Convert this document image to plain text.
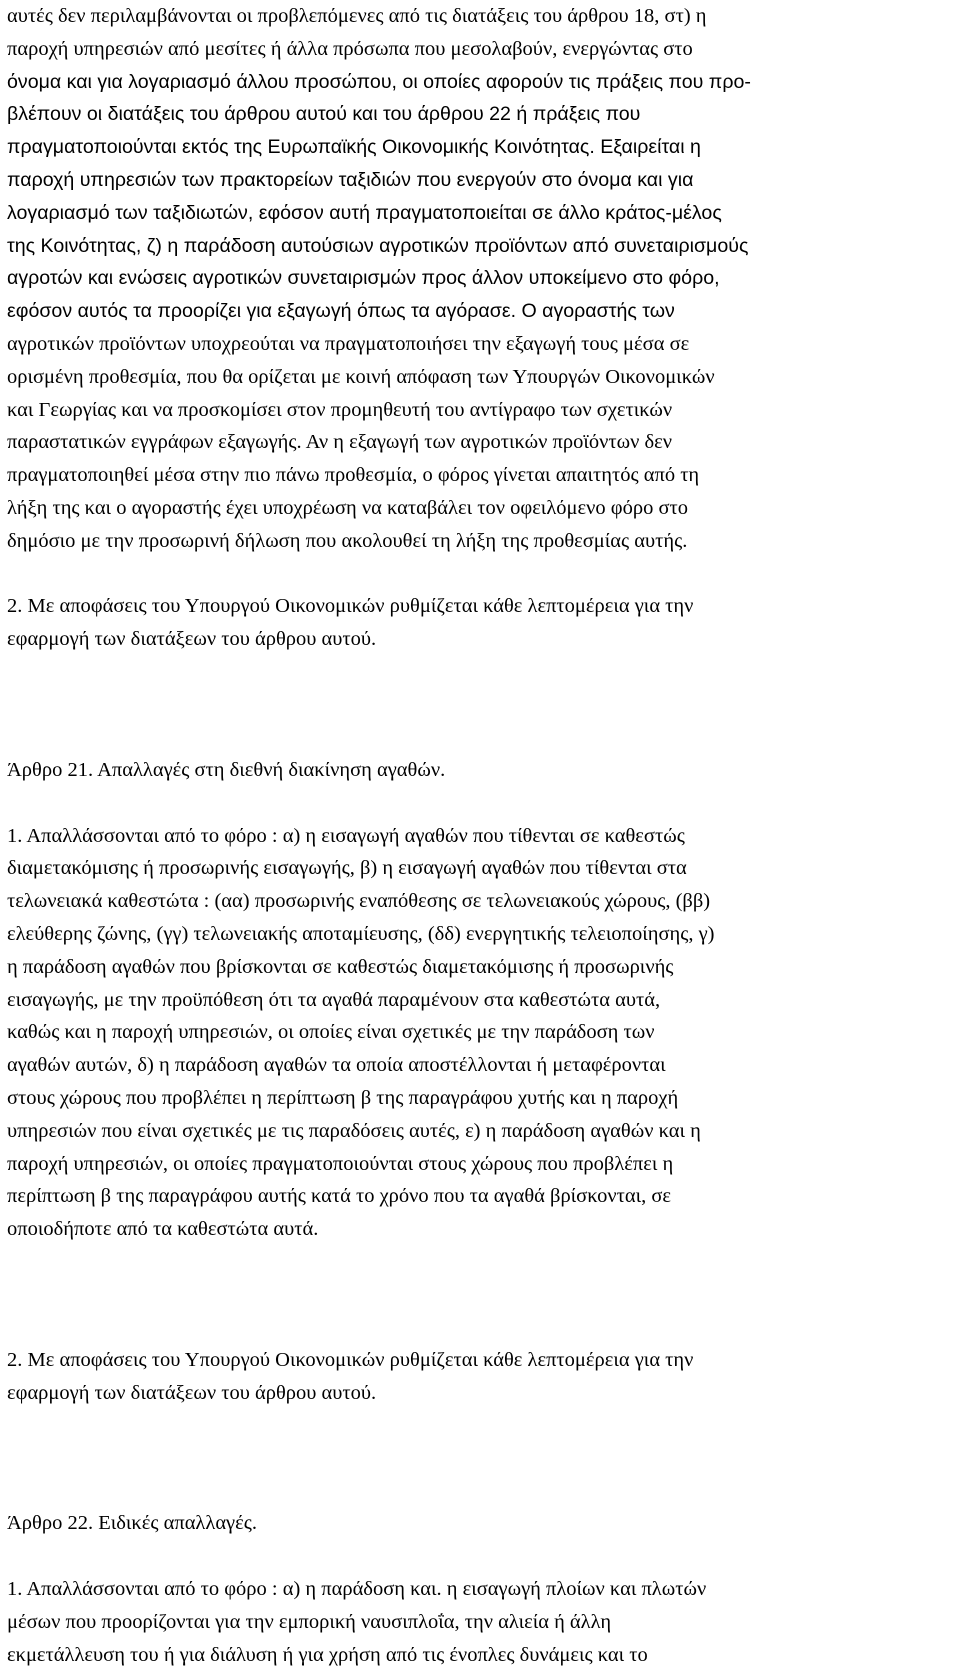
αυτές δεν περιλαμβάνονται οι προβλεπόμενες από τις διατάξεις του άρθρου 18, στ) η
παροχή υπηρεσιών από μεσίτες ή άλλα πρόσωπα που μεσολαβούν, ενεργώντας στο
όνομα και για λογαριασμό άλλου προσώπου, οι οποίες αφορούν τις πράξεις που προ-
βλέπουν οι διατάξεις του άρθρου αυτού και του άρθρου 22 ή πράξεις που
πραγματοποιούνται εκτός της Ευρωπαϊκής Οικονομικής Κοινότητας. Εξαιρείται η
παροχή υπηρεσιών των πρακτορείων ταξιδιών που ενεργούν στο όνομα και για
λογαριασμό των ταξιδιωτών, εφόσον αυτή πραγματοποιείται σε άλλο κράτος-μέλος
της Κοινότητας, ζ) η παράδοση αυτούσιων αγροτικών προϊόντων από συνεταιρισμούς
αγροτών και ενώσεις αγροτικών συνεταιρισμών προς άλλον υποκείμενο στο φόρο,
εφόσον αυτός τα προορίζει για εξαγωγή όπως τα αγόρασε. Ο αγοραστής των
αγροτικών προϊόντων υποχρεούται να πραγματοποιήσει την εξαγωγή τους μέσα σε
ορισμένη προθεσμία, που θα ορίζεται με κοινή απόφαση των Υπουργών Οικονομικών
και Γεωργίας και να προσκομίσει στον προμηθευτή του αντίγραφο των σχετικών
παραστατικών εγγράφων εξαγωγής. Αν η εξαγωγή των αγροτικών προϊόντων δεν
πραγματοποιηθεί μέσα στην πιο πάνω προθεσμία, ο φόρος γίνεται απαιτητός από τη
λήξη της και ο αγοραστής έχει υποχρέωση να καταβάλει τον οφειλόμενο φόρο στο
δημόσιο με την προσωρινή δήλωση που ακολουθεί τη λήξη της προθεσμίας αυτής.
2. Με αποφάσεις του Υπουργού Οικονομικών ρυθμίζεται κάθε λεπτομέρεια για την
εφαρμογή των διατάξεων του άρθρου αυτού.
Άρθρο 21. Απαλλαγές στη διεθνή διακίνηση αγαθών.
1. Απαλλάσσονται από το φόρο : α) η εισαγωγή αγαθών που τίθενται σε καθεστώς
διαμετακόμισης ή προσωρινής εισαγωγής, β) η εισαγωγή αγαθών που τίθενται στα
τελωνειακά καθεστώτα : (αα) προσωρινής εναπόθεσης σε τελωνειακούς χώρους, (ββ)
ελεύθερης ζώνης, (γγ) τελωνειακής αποταμίευσης, (δδ) ενεργητικής τελειοποίησης, γ)
η παράδοση αγαθών που βρίσκονται σε καθεστώς διαμετακόμισης ή προσωρινής
εισαγωγής, με την προϋπόθεση ότι τα αγαθά παραμένουν στα καθεστώτα αυτά,
καθώς και η παροχή υπηρεσιών, οι οποίες είναι σχετικές με την παράδοση των
αγαθών αυτών, δ) η παράδοση αγαθών τα οποία αποστέλλονται ή μεταφέρονται
στους χώρους που προβλέπει η περίπτωση β της παραγράφου χυτής και η παροχή
υπηρεσιών που είναι σχετικές με τις παραδόσεις αυτές, ε) η παράδοση αγαθών και η
παροχή υπηρεσιών, οι οποίες πραγματοποιούνται στους χώρους που προβλέπει η
περίπτωση β της παραγράφου αυτής κατά το χρόνο που τα αγαθά βρίσκονται, σε
οποιοδήποτε από τα καθεστώτα αυτά.
2. Με αποφάσεις του Υπουργού Οικονομικών ρυθμίζεται κάθε λεπτομέρεια για την
εφαρμογή των διατάξεων του άρθρου αυτού.
Άρθρο 22. Ειδικές απαλλαγές.
1. Απαλλάσσονται από το φόρο : α) η παράδοση και. η εισαγωγή πλοίων και πλωτών
μέσων που προορίζονται για την εμπορική ναυσιπλοΐα, την αλιεία ή άλλη
εκμετάλλευση του ή για διάλυση ή για χρήση από τις ένοπλες δυνάμεις και το
